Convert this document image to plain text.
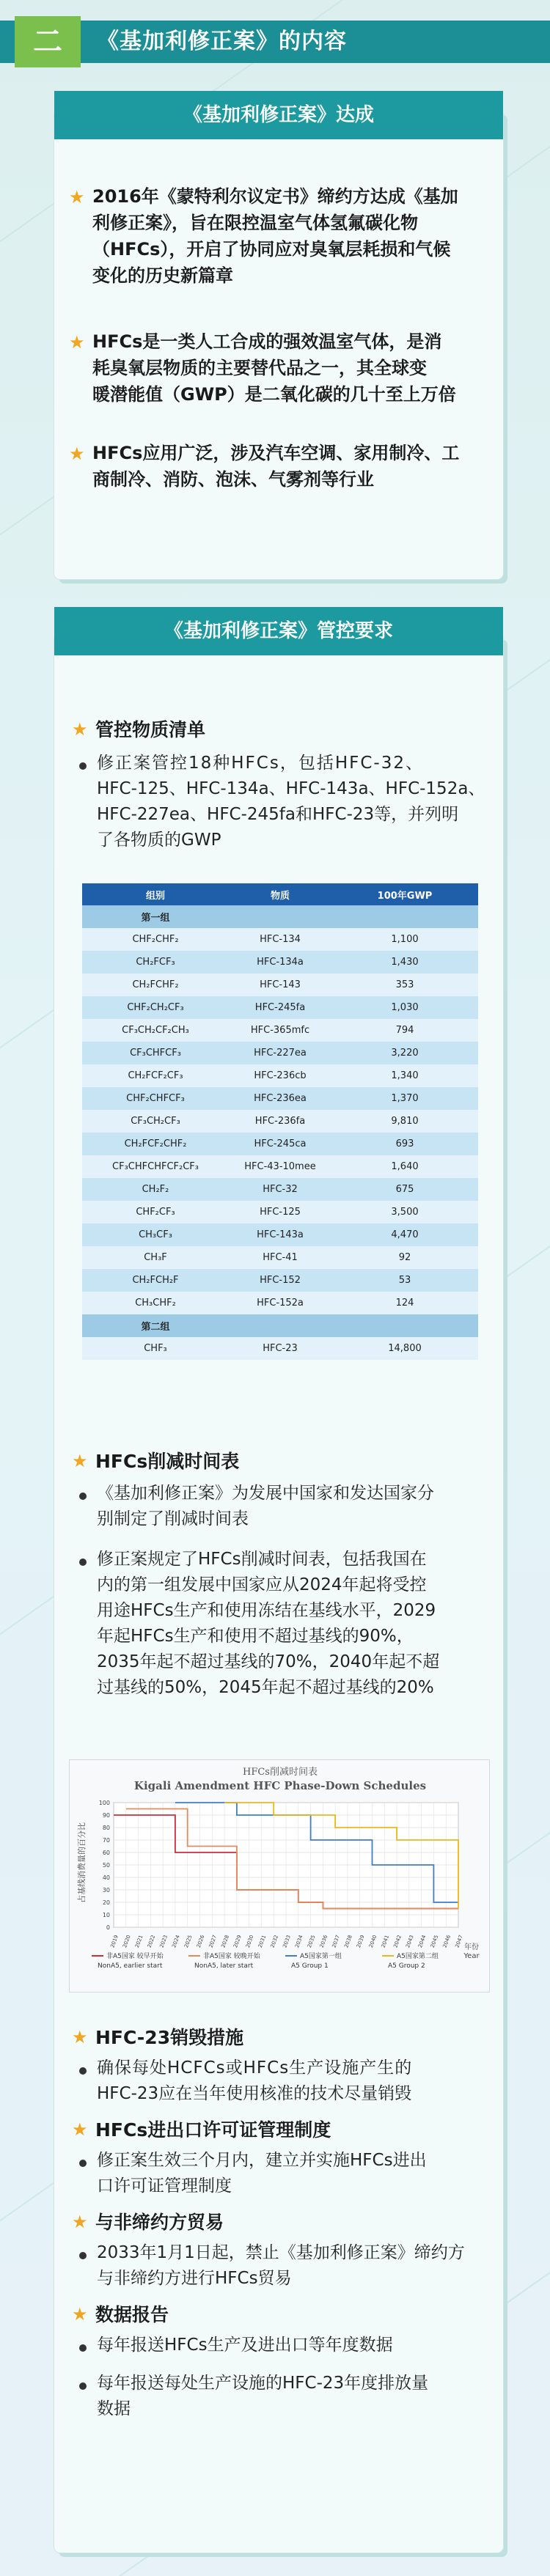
二	《基加利修正案》的内容
《基加利修正案》达成
★ 2016年《蒙特利尔议定书》缔约方达成《基加
利修正案》，旨在限控温室气体氢氟碳化物
（HFCs），开启了协同应对臭氧层耗损和气候
变化的历史新篇章
★ HFCs是一类人工合成的强效温室气体，是消
耗臭氧层物质的主要替代品之一，其全球变
暖潜能值（GWP）是二氧化碳的几十至上万倍
★ HFCs应用广泛，涉及汽车空调、家用制冷、工
商制冷、消防、泡沫、气雾剂等行业
《基加利修正案》管控要求
★ 管控物质清单
修正案管控18种HFCs，包括HFC-32、
HFC-125、HFC-134a、HFC-143a、HFC-152a、
HFC-227ea、HFC-245fa和HFC-23等，并列明
了各物质的GWP
组别	物质	100年GWP
第一组		
CHF₂CHF₂	HFC-134	1,100
CH₂FCF₃	HFC-134a	1,430
CH₂FCHF₂	HFC-143	353
CHF₂CH₂CF₃	HFC-245fa	1,030
CF₃CH₂CF₂CH₃	HFC-365mfc	794
CF₃CHFCF₃	HFC-227ea	3,220
CH₂FCF₂CF₃	HFC-236cb	1,340
CHF₂CHFCF₃	HFC-236ea	1,370
CF₃CH₂CF₃	HFC-236fa	9,810
CH₂FCF₂CHF₂	HFC-245ca	693
CF₃CHFCHFCF₂CF₃	HFC-43-10mee	1,640
CH₂F₂	HFC-32	675
CHF₂CF₃	HFC-125	3,500
CH₃CF₃	HFC-143a	4,470
CH₃F	HFC-41	92
CH₂FCH₂F	HFC-152	53
CH₃CHF₂	HFC-152a	124
第二组		
CHF₃	HFC-23	14,800
★ HFCs削减时间表
《基加利修正案》为发展中国家和发达国家分
别制定了削减时间表
修正案规定了HFCs削减时间表，包括我国在
内的第一组发展中国家应从2024年起将受控
用途HFCs生产和使用冻结在基线水平，2029
年起HFCs生产和使用不超过基线的90%，
2035年起不超过基线的70%，2040年起不超
过基线的50%，2045年起不超过基线的20%
HFCs削减时间表
Kigali Amendment HFC Phase-Down Schedules
占基线消费量的百分比
年份
Year
0
10
20
30
40
50
60
70
80
90
100
2019 2020 2021 2022 2023 2024 2025 2026 2027 2028 2029 2030 2031 2032 2033 2034 2035 2036 2037 2038 2039 2040 2041 2042 2043 2044 2045 2046 2047
非A5国家 较早开始
NonA5, earlier start
非A5国家 较晚开始
NonA5, later start
A5国家第一组
A5 Group 1
A5国家第二组
A5 Group 2
★ HFC-23销毁措施
确保每处HCFCs或HFCs生产设施产生的
HFC-23应在当年使用核准的技术尽量销毁
★ HFCs进出口许可证管理制度
修正案生效三个月内，建立并实施HFCs进出
口许可证管理制度
★ 与非缔约方贸易
2033年1月1日起，禁止《基加利修正案》缔约方
与非缔约方进行HFCs贸易
★ 数据报告
每年报送HFCs生产及进出口等年度数据
每年报送每处生产设施的HFC-23年度排放量
数据
